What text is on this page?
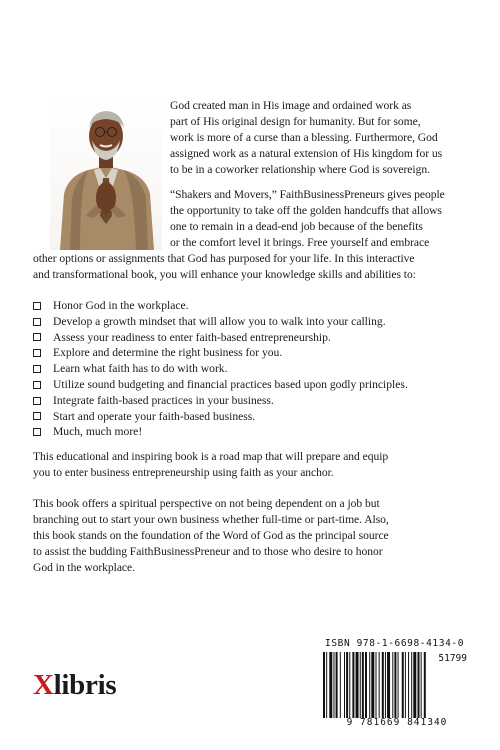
God created man in His image and ordained work as
part of His original design for humanity. But for some,
work is more of a curse than a blessing. Furthermore, God
assigned work as a natural extension of His kingdom for us
to be in a coworker relationship where God is sovereign.
“Shakers and Movers,” FaithBusinessPreneurs gives people
the opportunity to take off the golden handcuffs that allows
one to remain in a dead-end job because of the benefits
or the comfort level it brings. Free yourself and embrace
other options or assignments that God has purposed for your life. In this interactive
and transformational book, you will enhance your knowledge skills and abilities to:
Honor God in the workplace.
Develop a growth mindset that will allow you to walk into your calling.
Assess your readiness to enter faith-based entrepreneurship.
Explore and determine the right business for you.
Learn what faith has to do with work.
Utilize sound budgeting and financial practices based upon godly principles.
Integrate faith-based practices in your business.
Start and operate your faith-based business.
Much, much more!
This educational and inspiring book is a road map that will prepare and equip
you to enter business entrepreneurship using faith as your anchor.
This book offers a spiritual perspective on not being dependent on a job but
branching out to start your own business whether full-time or part-time. Also,
this book stands on the foundation of the Word of God as the principal source
to assist the budding FaithBusinessPreneur and to those who desire to honor
God in the workplace.
Xlibris
ISBN 978-1-6698-4134-0
51799
9 781669 841340
